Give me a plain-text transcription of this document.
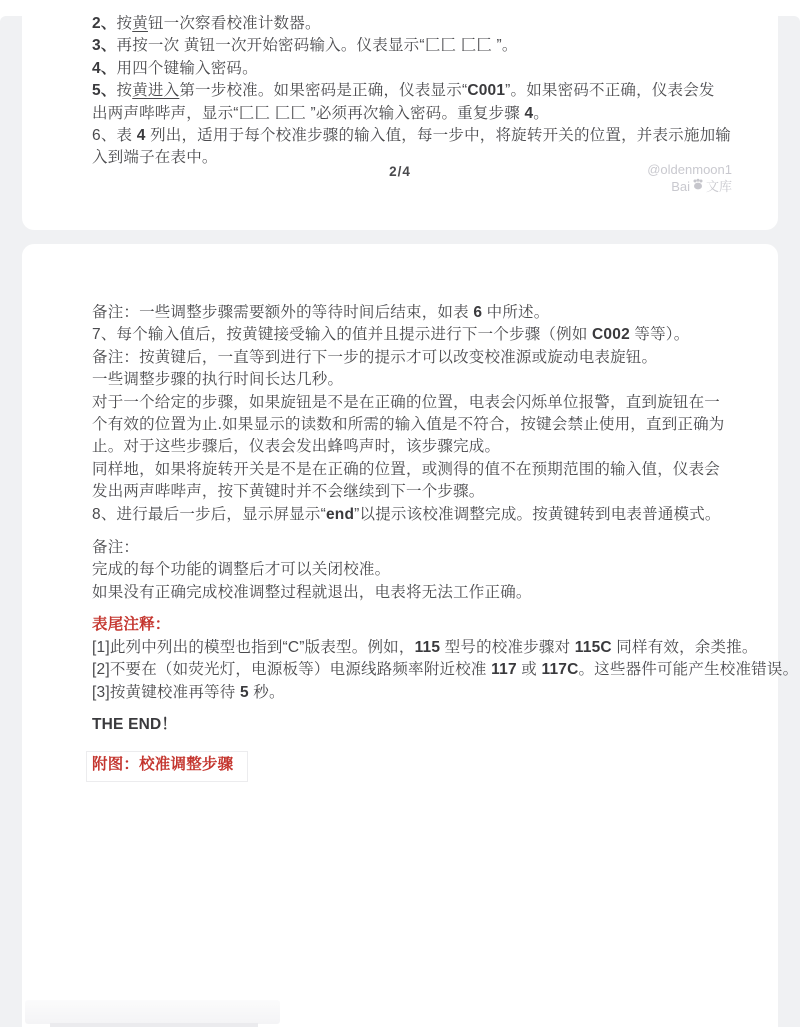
2、按黄钮一次察看校准计数器。
3、再按一次 黄钮一次开始密码输入。仪表显示“匚匚 匚匚 ”。
4、用四个键输入密码。
5、按黄进入第一步校准。如果密码是正确，仪表显示“C001”。如果密码不正确，仪表会发
出两声哔哔声，显示“匚匚 匚匚 ”必须再次输入密码。重复步骤 4。
6、表 4 列出，适用于每个校准步骤的输入值，每一步中，将旋转开关的位置，并表示施加输
入到端子在表中。
2/4	@oldenmoon1
Bai 文库
备注：一些调整步骤需要额外的等待时间后结束，如表 6 中所述。
7、每个输入值后，按黄键接受输入的值并且提示进行下一个步骤（例如 C002 等等）。
备注：按黄键后，一直等到进行下一步的提示才可以改变校准源或旋动电表旋钮。
一些调整步骤的执行时间长达几秒。
对于一个给定的步骤，如果旋钮是不是在正确的位置，电表会闪烁单位报警，直到旋钮在一
个有效的位置为止.如果显示的读数和所需的输入值是不符合，按键会禁止使用，直到正确为
止。对于这些步骤后，仪表会发出蜂鸣声时，该步骤完成。
同样地，如果将旋转开关是不是在正确的位置，或测得的值不在预期范围的输入值，仪表会
发出两声哔哔声，按下黄键时并不会继续到下一个步骤。
8、进行最后一步后，显示屏显示“end”以提示该校准调整完成。按黄键转到电表普通模式。
备注：
完成的每个功能的调整后才可以关闭校准。
如果没有正确完成校准调整过程就退出，电表将无法工作正确。
表尾注释：
[1]此列中列出的模型也指到“C”版表型。例如，115 型号的校准步骤对 115C 同样有效，余类推。
[2]不要在（如荧光灯，电源板等）电源线路频率附近校准 117 或 117C。这些器件可能产生校准错误。
[3]按黄键校准再等待 5 秒。
THE END！
附图：校准调整步骤
